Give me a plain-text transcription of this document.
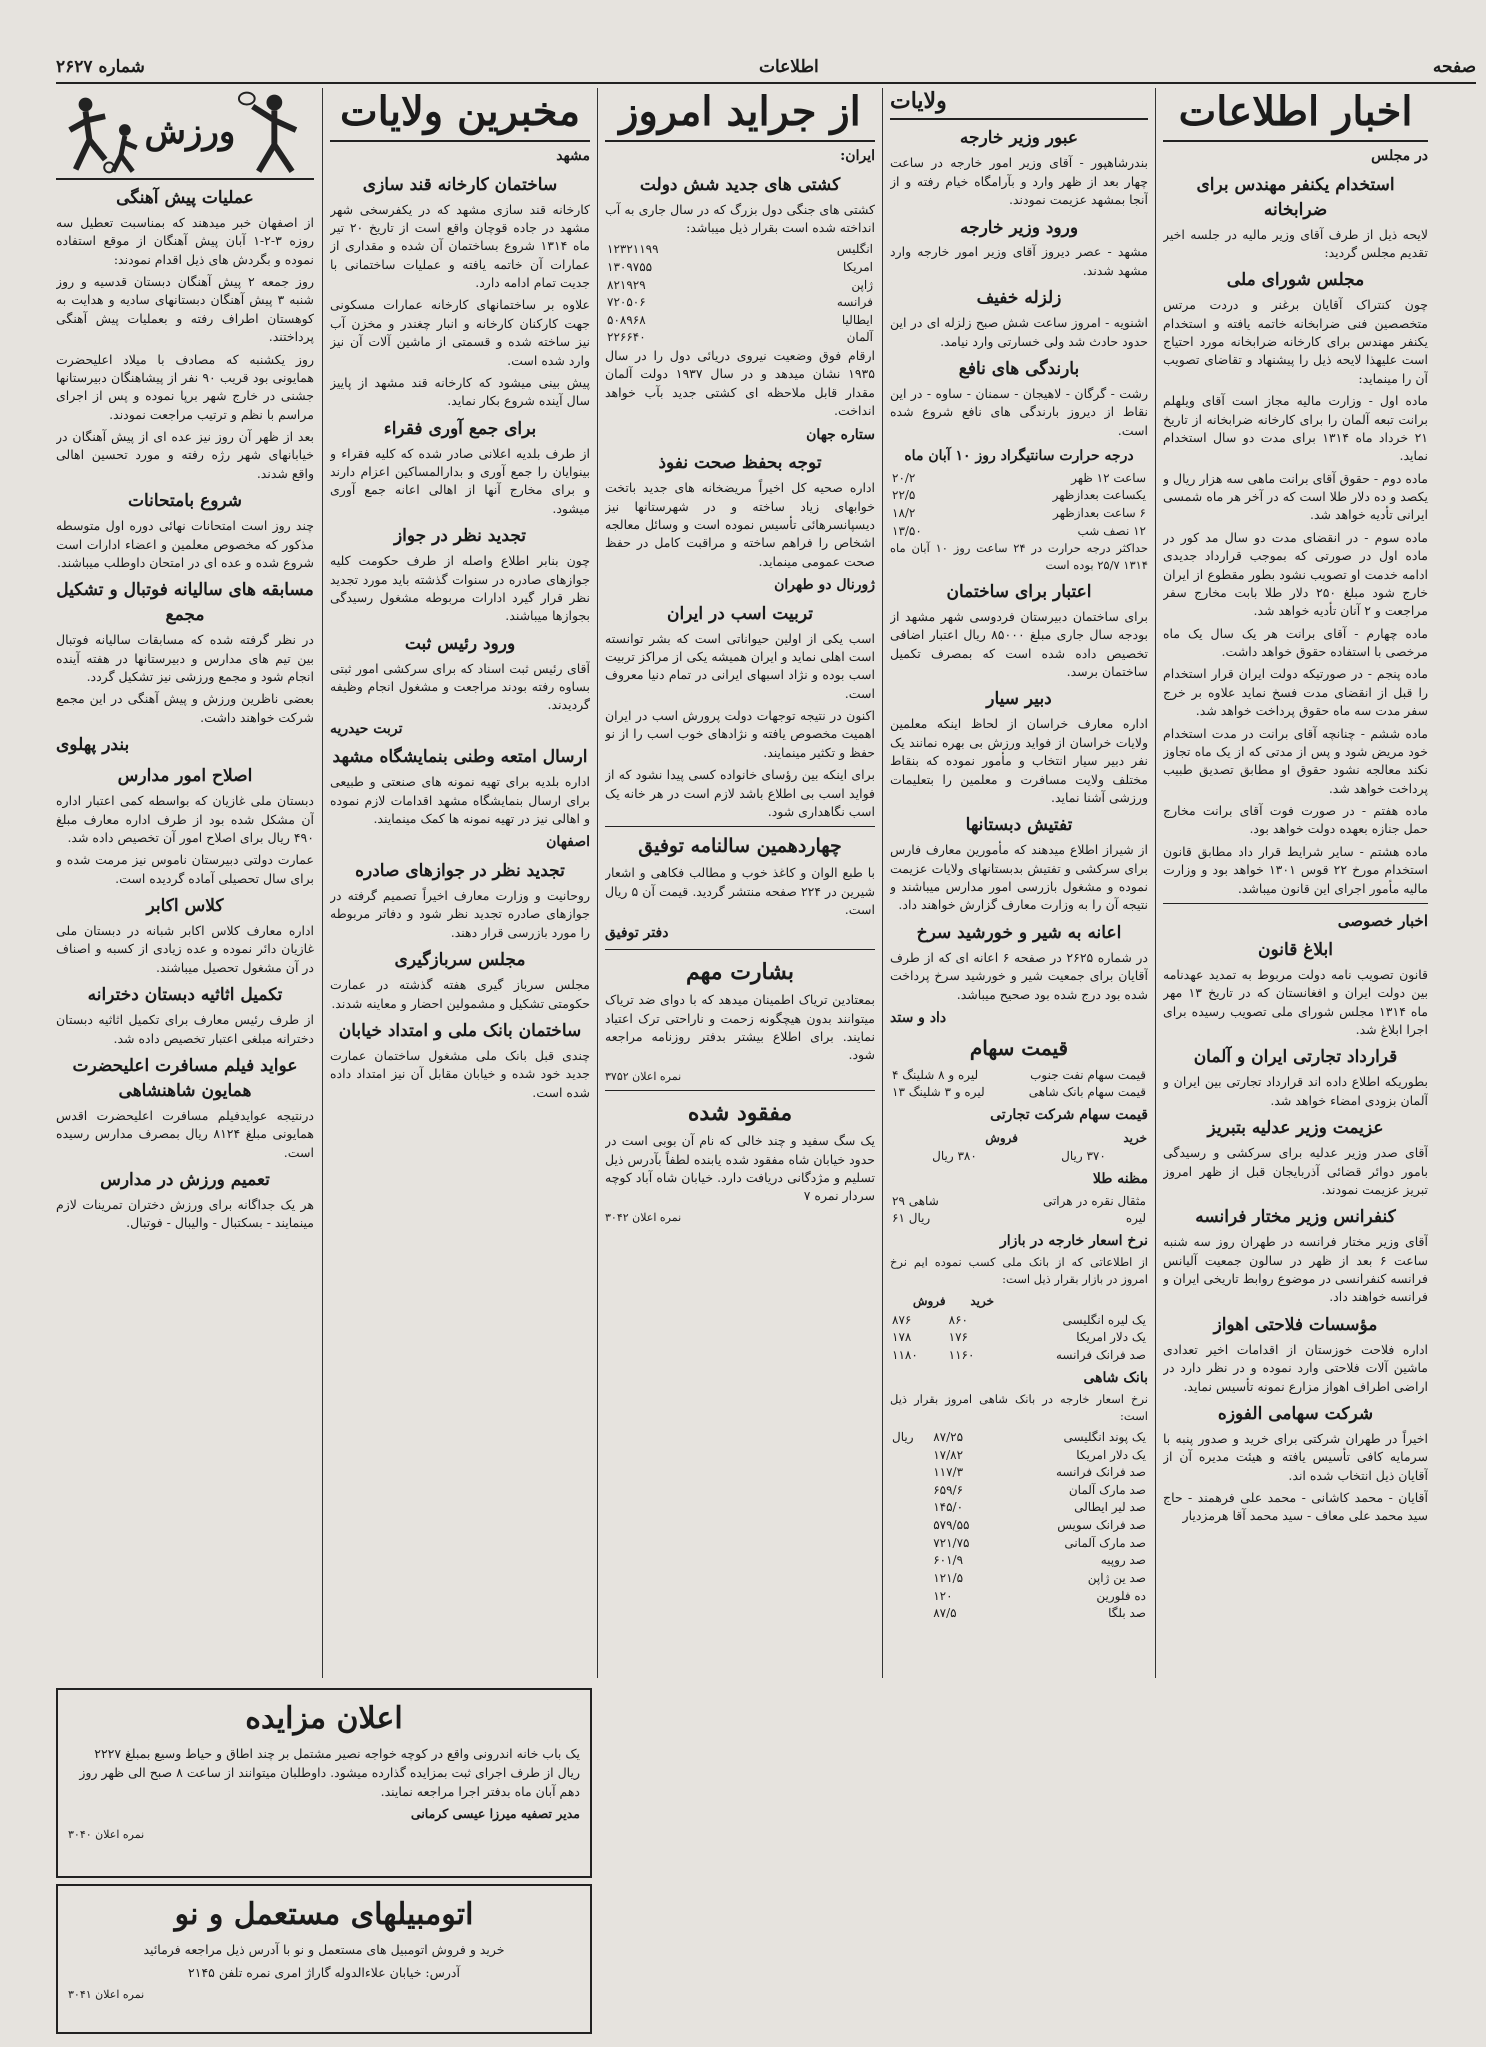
صفحه
اطلاعات
شماره ۲۶۲۷
اخبار اطلاعات
در مجلس
استخدام یکنفر مهندس برای ضرابخانه

لایحه ذیل از طرف آقای وزیر مالیه در جلسه اخیر تقدیم مجلس گردید:

مجلس شورای ملی

چون کنتراک آقایان برغنر و دردت مرتس متخصصین فنی ضرابخانه خاتمه یافته و استخدام یکنفر مهندس برای کارخانه ضرابخانه مورد احتیاج است علیهذا لایحه ذیل را پیشنهاد و تقاضای تصویب آن را مینماید:

ماده اول - وزارت مالیه مجاز است آقای ویلهلم برانت تبعه آلمان را برای کارخانه ضرابخانه از تاریخ ۲۱ خرداد ماه ۱۳۱۴ برای مدت دو سال استخدام نماید.

ماده دوم - حقوق آقای برانت ماهی سه هزار ریال و یکصد و ده دلار طلا است که در آخر هر ماه شمسی ایرانی تأدیه خواهد شد.

ماده سوم - در انقضای مدت دو سال مد کور در ماده اول در صورتی که بموجب قرارداد جدیدی ادامه خدمت او تصویب نشود بطور مقطوع از ایران خارج شود مبلغ ۲۵۰ دلار طلا بابت مخارج سفر مراجعت و ۲ آنان تأدیه خواهد شد.

ماده چهارم - آقای برانت هر یک سال یک ماه مرخصی با استفاده حقوق خواهد داشت.

ماده پنجم - در صورتیکه دولت ایران قرار استخدام را قبل از انقضای مدت فسخ نماید علاوه بر خرج سفر مدت سه ماه حقوق پرداخت خواهد شد.

ماده ششم - چنانچه آقای برانت در مدت استخدام خود مریض شود و پس از مدتی که از یک ماه تجاوز نکند معالجه نشود حقوق او مطابق تصدیق طبیب پرداخت خواهد شد.

ماده هفتم - در صورت فوت آقای برانت مخارج حمل جنازه بعهده دولت خواهد بود.

ماده هشتم - سایر شرایط قرار داد مطابق قانون استخدام مورخ ۲۲ قوس ۱۳۰۱ خواهد بود و وزارت مالیه مأمور اجرای این قانون میباشد.

اخبار خصوصی
ابلاغ قانون

قانون تصویب نامه دولت مربوط به تمدید عهدنامه بین دولت ایران و افغانستان که در تاریخ ۱۳ مهر ماه ۱۳۱۴ مجلس شورای ملی تصویب رسیده برای اجرا ابلاغ شد.

قرارداد تجارتی ایران و آلمان

بطوریکه اطلاع داده اند قرارداد تجارتی بین ایران و آلمان بزودی امضاء خواهد شد.

عزیمت وزیر عدلیه بتبریز

آقای صدر وزیر عدلیه برای سرکشی و رسیدگی بامور دوائر قضائی آذربایجان قبل از ظهر امروز تبریز عزیمت نمودند.

کنفرانس وزیر مختار فرانسه

آقای وزیر مختار فرانسه در طهران روز سه شنبه ساعت ۶ بعد از ظهر در سالون جمعیت آلیانس فرانسه کنفرانسی در موضوع روابط تاریخی ایران و فرانسه خواهند داد.

مؤسسات فلاحتی اهواز

اداره فلاحت خوزستان از اقدامات اخیر تعدادی ماشین آلات فلاحتی وارد نموده و در نظر دارد در اراضی اطراف اهواز مزارع نمونه تأسیس نماید.

شرکت سهامی الفوزه

اخیراً در طهران شرکتی برای خرید و صدور پنبه با سرمایه کافی تأسیس یافته و هیئت مدیره آن از آقایان ذیل انتخاب شده اند.

آقایان - محمد کاشانی - محمد علی فرهمند - حاج سید محمد علی معاف - سید محمد آقا هرمزدیار

ولایات
عبور وزیر خارجه

بندرشاهپور - آقای وزیر امور خارجه در ساعت چهار بعد از ظهر وارد و بآرامگاه خیام رفته و از آنجا بمشهد عزیمت نمودند.

ورود وزیر خارجه

مشهد - عصر دیروز آقای وزیر امور خارجه وارد مشهد شدند.

زلزله خفیف

اشنویه - امروز ساعت شش صبح زلزله ای در این حدود حادث شد ولی خسارتی وارد نیامد.

بارندگی های نافع

رشت - گرگان - لاهیجان - سمنان - ساوه - در این نقاط از دیروز بارندگی های نافع شروع شده است.

درجه حرارت سانتیگراد روز ۱۰ آبان ماه
ساعت ۱۲ ظهر	۲۰/۲
یکساعت بعدازظهر	۲۲/۵
۶ ساعت بعدازظهر	۱۸/۲
۱۲ نصف شب	۱۳/۵۰

حداکثر درجه حرارت در ۲۴ ساعت روز ۱۰ آبان ماه ۱۳۱۴ ۲۵/۷ بوده است

اعتبار برای ساختمان

برای ساختمان دبیرستان فردوسی شهر مشهد از بودجه سال جاری مبلغ ۸۵۰۰۰ ریال اعتبار اضافی تخصیص داده شده است که بمصرف تکمیل ساختمان برسد.

دبیر سیار

اداره معارف خراسان از لحاظ اینکه معلمین ولایات خراسان از فواید ورزش بی بهره نمانند یک نفر دبیر سیار انتخاب و مأمور نموده که بنقاط مختلف ولایت مسافرت و معلمین را بتعلیمات ورزشی آشنا نماید.

تفتیش دبستانها

از شیراز اطلاع میدهند که مأمورین معارف فارس برای سرکشی و تفتیش بدبستانهای ولایات عزیمت نموده و مشغول بازرسی امور مدارس میباشند و نتیجه آن را به وزارت معارف گزارش خواهند داد.

اعانه به شیر و خورشید سرخ

در شماره ۲۶۲۵ در صفحه ۶ اعانه ای که از طرف آقایان برای جمعیت شیر و خورشید سرخ پرداخت شده بود درج شده بود صحیح میباشد.

داد و ستد
قیمت سهام
قیمت سهام نفت جنوب	۴ لیره و ۸ شلینگ
قیمت سهام بانک شاهی	۱۳ لیره و ۳ شلینگ
قیمت سهام شرکت تجارتی
خرید	فروش
۳۷۰ ریال	۳۸۰ ریال
مظنه طلا
مثقال نقره در هراتی	۲۹ شاهی
لیره	۶۱ ریال
نرخ اسعار خارجه در بازار

از اطلاعاتی که از بانک ملی کسب نموده ایم نرخ امروز در بازار بقرار ذیل است:

	خرید	فروش
یک لیره انگلیسی	۸۶۰	۸۷۶
یک دلار امریکا	۱۷۶	۱۷۸
صد فرانک فرانسه	۱۱۶۰	۱۱۸۰
بانک شاهی

نرخ اسعار خارجه در بانک شاهی امروز بقرار ذیل است:

یک پوند انگلیسی	۸۷/۲۵	ریال
یک دلار امریکا	۱۷/۸۲	
صد فرانک فرانسه	۱۱۷/۳	
صد مارک آلمان	۶۵۹/۶	
صد لیر ایطالی	۱۴۵/۰	
صد فرانک سویس	۵۷۹/۵۵	
صد مارک آلمانی	۷۲۱/۷۵	
صد روپیه	۶۰۱/۹	
صد ین ژاپن	۱۲۱/۵	
ده فلورین	۱۲۰	
صد بلگا	۸۷/۵	
از جراید امروز
ایران:
کشتی های جدید شش دولت

کشتی های جنگی دول بزرگ که در سال جاری به آب انداخته شده است بقرار ذیل میباشد:

انگلیس	۱۲۳۲۱۱۹۹
امریکا	۱۳۰۹۷۵۵
ژاپن	۸۲۱۹۲۹
فرانسه	۷۲۰۵۰۶
ایطالیا	۵۰۸۹۶۸
آلمان	۲۲۶۶۴۰

ارقام فوق وضعیت نیروی دریائی دول را در سال ۱۹۳۵ نشان میدهد و در سال ۱۹۳۷ دولت آلمان مقدار قابل ملاحظه ای کشتی جدید بآب خواهد انداخت.

ستاره جهان
توجه بحفظ صحت نفوذ

اداره صحیه کل اخیراً مریضخانه های جدید باتخت خوابهای زیاد ساخته و در شهرستانها نیز دیسپانسرهائی تأسیس نموده است و وسائل معالجه اشخاص را فراهم ساخته و مراقبت کامل در حفظ صحت عمومی مینماید.

ژورنال دو طهران
تربیت اسب در ایران

اسب یکی از اولین حیواناتی است که بشر توانسته است اهلی نماید و ایران همیشه یکی از مراکز تربیت اسب بوده و نژاد اسبهای ایرانی در تمام دنیا معروف است.

اکنون در نتیجه توجهات دولت پرورش اسب در ایران اهمیت مخصوص یافته و نژادهای خوب اسب را از نو حفظ و تکثیر مینمایند.

برای اینکه بین رؤسای خانواده کسی پیدا نشود که از فواید اسب بی اطلاع باشد لازم است در هر خانه یک اسب نگاهداری شود.

چهاردهمین سالنامه توفیق

با طبع الوان و کاغذ خوب و مطالب فکاهی و اشعار شیرین در ۲۲۴ صفحه منتشر گردید. قیمت آن ۵ ریال است.

دفتر توفیق
بشارت مهم

بمعتادین تریاک اطمینان میدهد که با دوای ضد تریاک میتوانند بدون هیچگونه زحمت و ناراحتی ترک اعتیاد نمایند. برای اطلاع بیشتر بدفتر روزنامه مراجعه شود.

نمره اعلان ۳۷۵۲
مفقود شده

یک سگ سفید و چند خالی که نام آن بوبی است در حدود خیابان شاه مفقود شده یابنده لطفاً بآدرس ذیل تسلیم و مژدگانی دریافت دارد. خیابان شاه آباد کوچه سردار نمره ۷

نمره اعلان ۳۰۴۲
مخبرین ولایات
مشهد
ساختمان کارخانه قند سازی

کارخانه قند سازی مشهد که در یکفرسخی شهر مشهد در جاده قوچان واقع است از تاریخ ۲۰ تیر ماه ۱۳۱۴ شروع بساختمان آن شده و مقداری از عمارات آن خاتمه یافته و عملیات ساختمانی با جدیت تمام ادامه دارد.

علاوه بر ساختمانهای کارخانه عمارات مسکونی جهت کارکنان کارخانه و انبار چغندر و مخزن آب نیز ساخته شده و قسمتی از ماشین آلات آن نیز وارد شده است.

پیش بینی میشود که کارخانه قند مشهد از پاییز سال آینده شروع بکار نماید.

برای جمع آوری فقراء

از طرف بلدیه اعلانی صادر شده که کلیه فقراء و بینوایان را جمع آوری و بدارالمساکین اعزام دارند و برای مخارج آنها از اهالی اعانه جمع آوری میشود.

تجدید نظر در جواز

چون بنابر اطلاع واصله از طرف حکومت کلیه جوازهای صادره در سنوات گذشته باید مورد تجدید نظر قرار گیرد ادارات مربوطه مشغول رسیدگی بجوازها میباشند.

ورود رئیس ثبت

آقای رئیس ثبت اسناد که برای سرکشی امور ثبتی بساوه رفته بودند مراجعت و مشغول انجام وظیفه گردیدند.

تربت حیدریه
ارسال امتعه وطنی بنمایشگاه مشهد

اداره بلدیه برای تهیه نمونه های صنعتی و طبیعی برای ارسال بنمایشگاه مشهد اقدامات لازم نموده و اهالی نیز در تهیه نمونه ها کمک مینمایند.

اصفهان
تجدید نظر در جوازهای صادره

روحانیت و وزارت معارف اخیراً تصمیم گرفته در جوازهای صادره تجدید نظر شود و دفاتر مربوطه را مورد بازرسی قرار دهند.

مجلس سربازگیری

مجلس سرباز گیری هفته گذشته در عمارت حکومتی تشکیل و مشمولین احضار و معاینه شدند.

ساختمان بانک ملی و امتداد خیابان

چندی قبل بانک ملی مشغول ساختمان عمارت جدید خود شده و خیابان مقابل آن نیز امتداد داده شده است.

ورزش
عملیات پیش آهنگی

از اصفهان خبر میدهند که بمناسبت تعطیل سه روزه ۳-۲-۱ آبان پیش آهنگان از موقع استفاده نموده و بگردش های ذیل اقدام نمودند:

روز جمعه ۲ پیش آهنگان دبستان قدسیه و روز شنبه ۳ پیش آهنگان دبستانهای سادیه و هدایت به کوهستان اطراف رفته و بعملیات پیش آهنگی پرداختند.

روز یکشنبه که مصادف با میلاد اعلیحضرت همایونی بود قریب ۹۰ نفر از پیشاهنگان دبیرستانها جشنی در خارج شهر برپا نموده و پس از اجرای مراسم با نظم و ترتیب مراجعت نمودند.

بعد از ظهر آن روز نیز عده ای از پیش آهنگان در خیابانهای شهر رژه رفته و مورد تحسین اهالی واقع شدند.

شروع بامتحانات

چند روز است امتحانات نهائی دوره اول متوسطه مذکور که مخصوص معلمین و اعضاء ادارات است شروع شده و عده ای در امتحان داوطلب میباشند.

مسابقه های سالیانه فوتبال و تشکیل مجمع

در نظر گرفته شده که مسابقات سالیانه فوتبال بین تیم های مدارس و دبیرستانها در هفته آینده انجام شود و مجمع ورزشی نیز تشکیل گردد.

بعضی ناظرین ورزش و پیش آهنگی در این مجمع شرکت خواهند داشت.

بندر پهلوی
اصلاح امور مدارس

دبستان ملی غازیان که بواسطه کمی اعتبار اداره آن مشکل شده بود از طرف اداره معارف مبلغ ۴۹۰ ریال برای اصلاح امور آن تخصیص داده شد.

عمارت دولتی دبیرستان ناموس نیز مرمت شده و برای سال تحصیلی آماده گردیده است.

کلاس اکابر

اداره معارف کلاس اکابر شبانه در دبستان ملی غازیان دائر نموده و عده زیادی از کسبه و اصناف در آن مشغول تحصیل میباشند.

تکمیل اثاثیه دبستان دخترانه

از طرف رئیس معارف برای تکمیل اثاثیه دبستان دخترانه مبلغی اعتبار تخصیص داده شد.

عواید فیلم مسافرت اعلیحضرت همایون شاهنشاهی

درنتیجه عوایدفیلم مسافرت اعلیحضرت اقدس همایونی مبلغ ۸۱۲۴ ریال بمصرف مدارس رسیده است.

تعمیم ورزش در مدارس

هر یک جداگانه برای ورزش دختران تمرینات لازم مینمایند - بسکتبال - والیبال - فوتبال.

اعلان مزایده

یک باب خانه اندرونی واقع در کوچه خواجه نصیر مشتمل بر چند اطاق و حیاط وسیع بمبلغ ۲۲۲۷ ریال از طرف اجرای ثبت بمزایده گذارده میشود. داوطلبان میتوانند از ساعت ۸ صبح الی ظهر روز دهم آبان ماه بدفتر اجرا مراجعه نمایند.

مدیر تصفیه میرزا عیسی کرمانی
نمره اعلان ۳۰۴۰
اتومبیلهای مستعمل و نو

خرید و فروش اتومبیل های مستعمل و نو با آدرس ذیل مراجعه فرمائید

آدرس: خیابان علاءالدوله گاراژ امری نمره تلفن ۲۱۴۵

نمره اعلان ۳۰۴۱
